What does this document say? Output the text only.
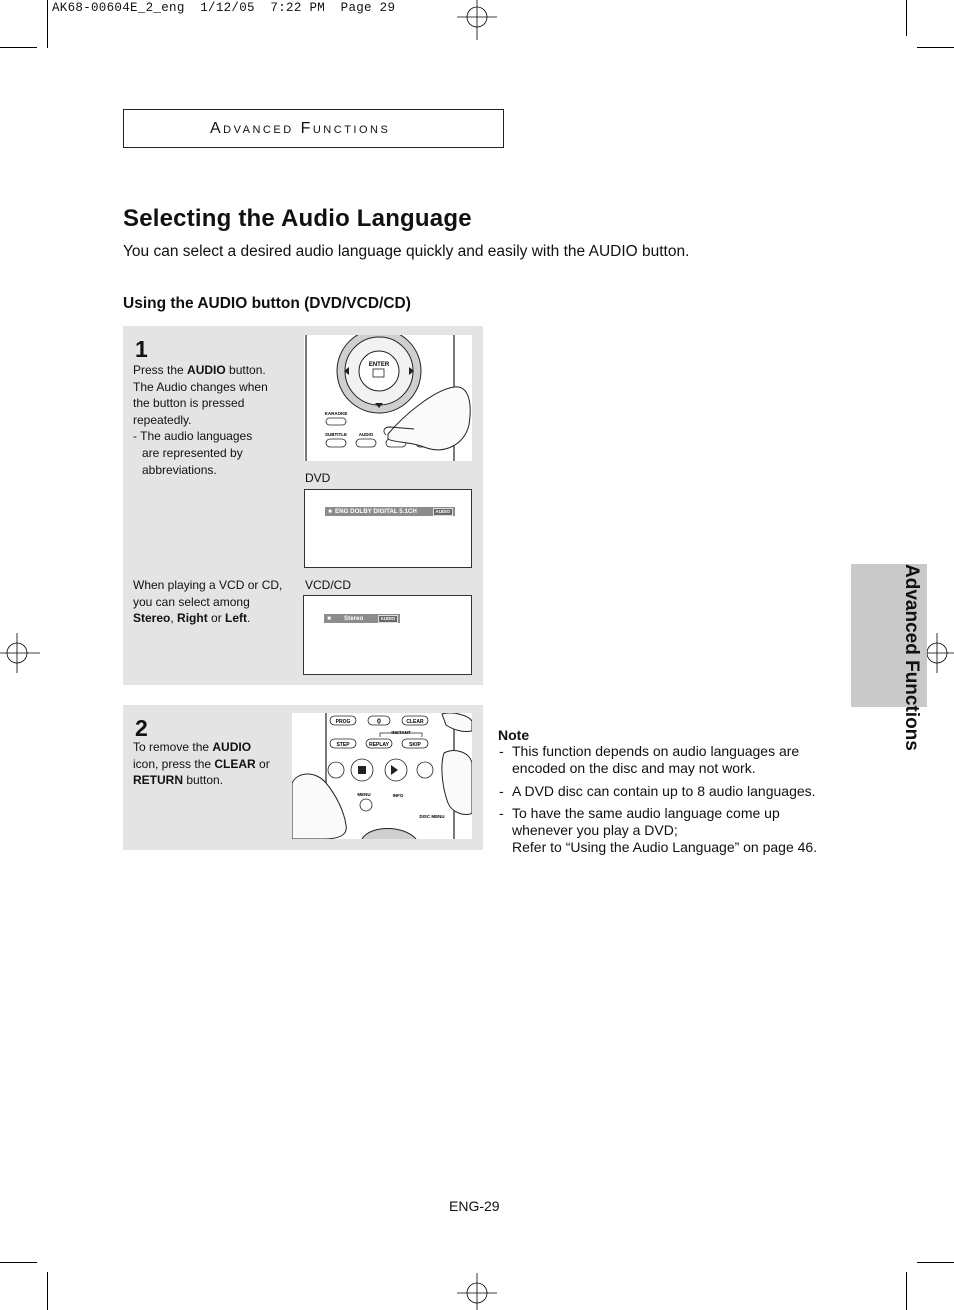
AK68-00604E_2_eng  1/12/05  7:22 PM  Page 29
Advanced Functions
Selecting the Audio Language

You can select a desired audio language quickly and easily with the AUDIO button.

Using the AUDIO button (DVD/VCD/CD)
1
Press the AUDIO button.
The Audio changes when
the button is pressed
repeatedly.
- The audio languages
are represented by
abbreviations.
When playing a VCD or CD,
you can select among
Stereo, Right or Left.
ENTER
KARAOKE
SUBTITLE	AUDIO
DVD
■ ENG DOLBY DIGITAL 5.1CH	AUDIO
VCD/CD
■	Stereo	AUDIO
2
To remove the AUDIO
icon, press the CLEAR or
RETURN button.
PROG	0	CLEAR
INSTANT
STEP	REPLAY	SKIP
MENU	INFO
DISC MENU
Note
- This function depends on audio languages are encoded on the disc and may not work.
- A DVD disc can contain up to 8 audio languages.
- To have the same audio language come up whenever you play a DVD;
Refer to “Using the Audio Language” on page 46.
Advanced Functions
ENG-29
